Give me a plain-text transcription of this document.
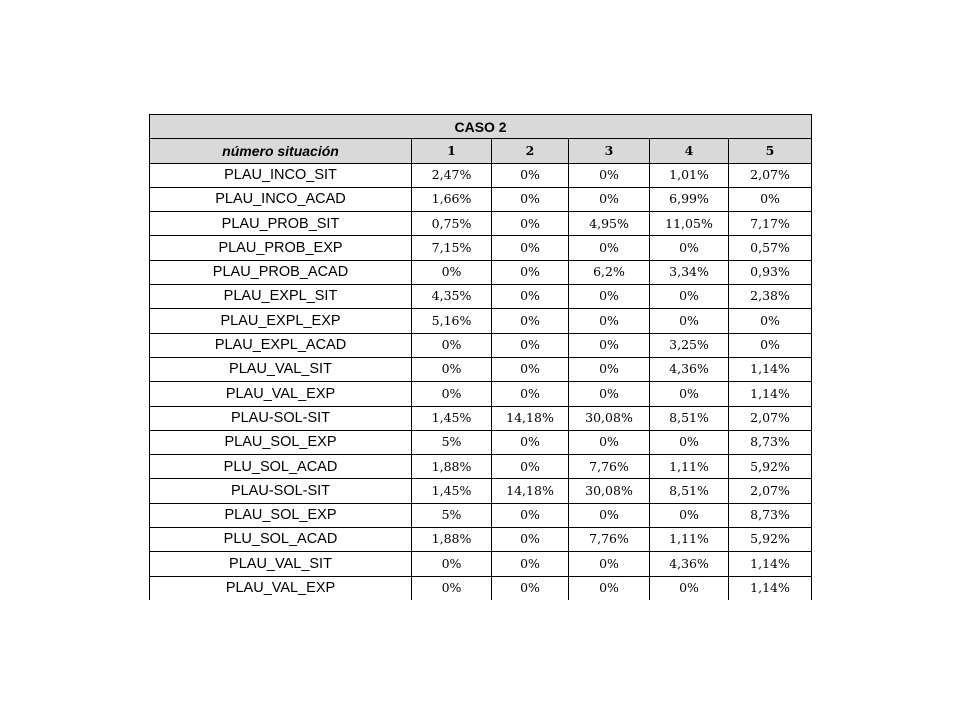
CASO 2					
número situación	1	2	3	4	5
PLAU_INCO_SIT	2,47%	0%	0%	1,01%	2,07%
PLAU_INCO_ACAD	1,66%	0%	0%	6,99%	0%
PLAU_PROB_SIT	0,75%	0%	4,95%	11,05%	7,17%
PLAU_PROB_EXP	7,15%	0%	0%	0%	0,57%
PLAU_PROB_ACAD	0%	0%	6,2%	3,34%	0,93%
PLAU_EXPL_SIT	4,35%	0%	0%	0%	2,38%
PLAU_EXPL_EXP	5,16%	0%	0%	0%	0%
PLAU_EXPL_ACAD	0%	0%	0%	3,25%	0%
PLAU_VAL_SIT	0%	0%	0%	4,36%	1,14%
PLAU_VAL_EXP	0%	0%	0%	0%	1,14%
PLAU-SOL-SIT	1,45%	14,18%	30,08%	8,51%	2,07%
PLAU_SOL_EXP	5%	0%	0%	0%	8,73%
PLU_SOL_ACAD	1,88%	0%	7,76%	1,11%	5,92%
PLAU-SOL-SIT	1,45%	14,18%	30,08%	8,51%	2,07%
PLAU_SOL_EXP	5%	0%	0%	0%	8,73%
PLU_SOL_ACAD	1,88%	0%	7,76%	1,11%	5,92%
PLAU_VAL_SIT	0%	0%	0%	4,36%	1,14%
PLAU_VAL_EXP	0%	0%	0%	0%	1,14%
